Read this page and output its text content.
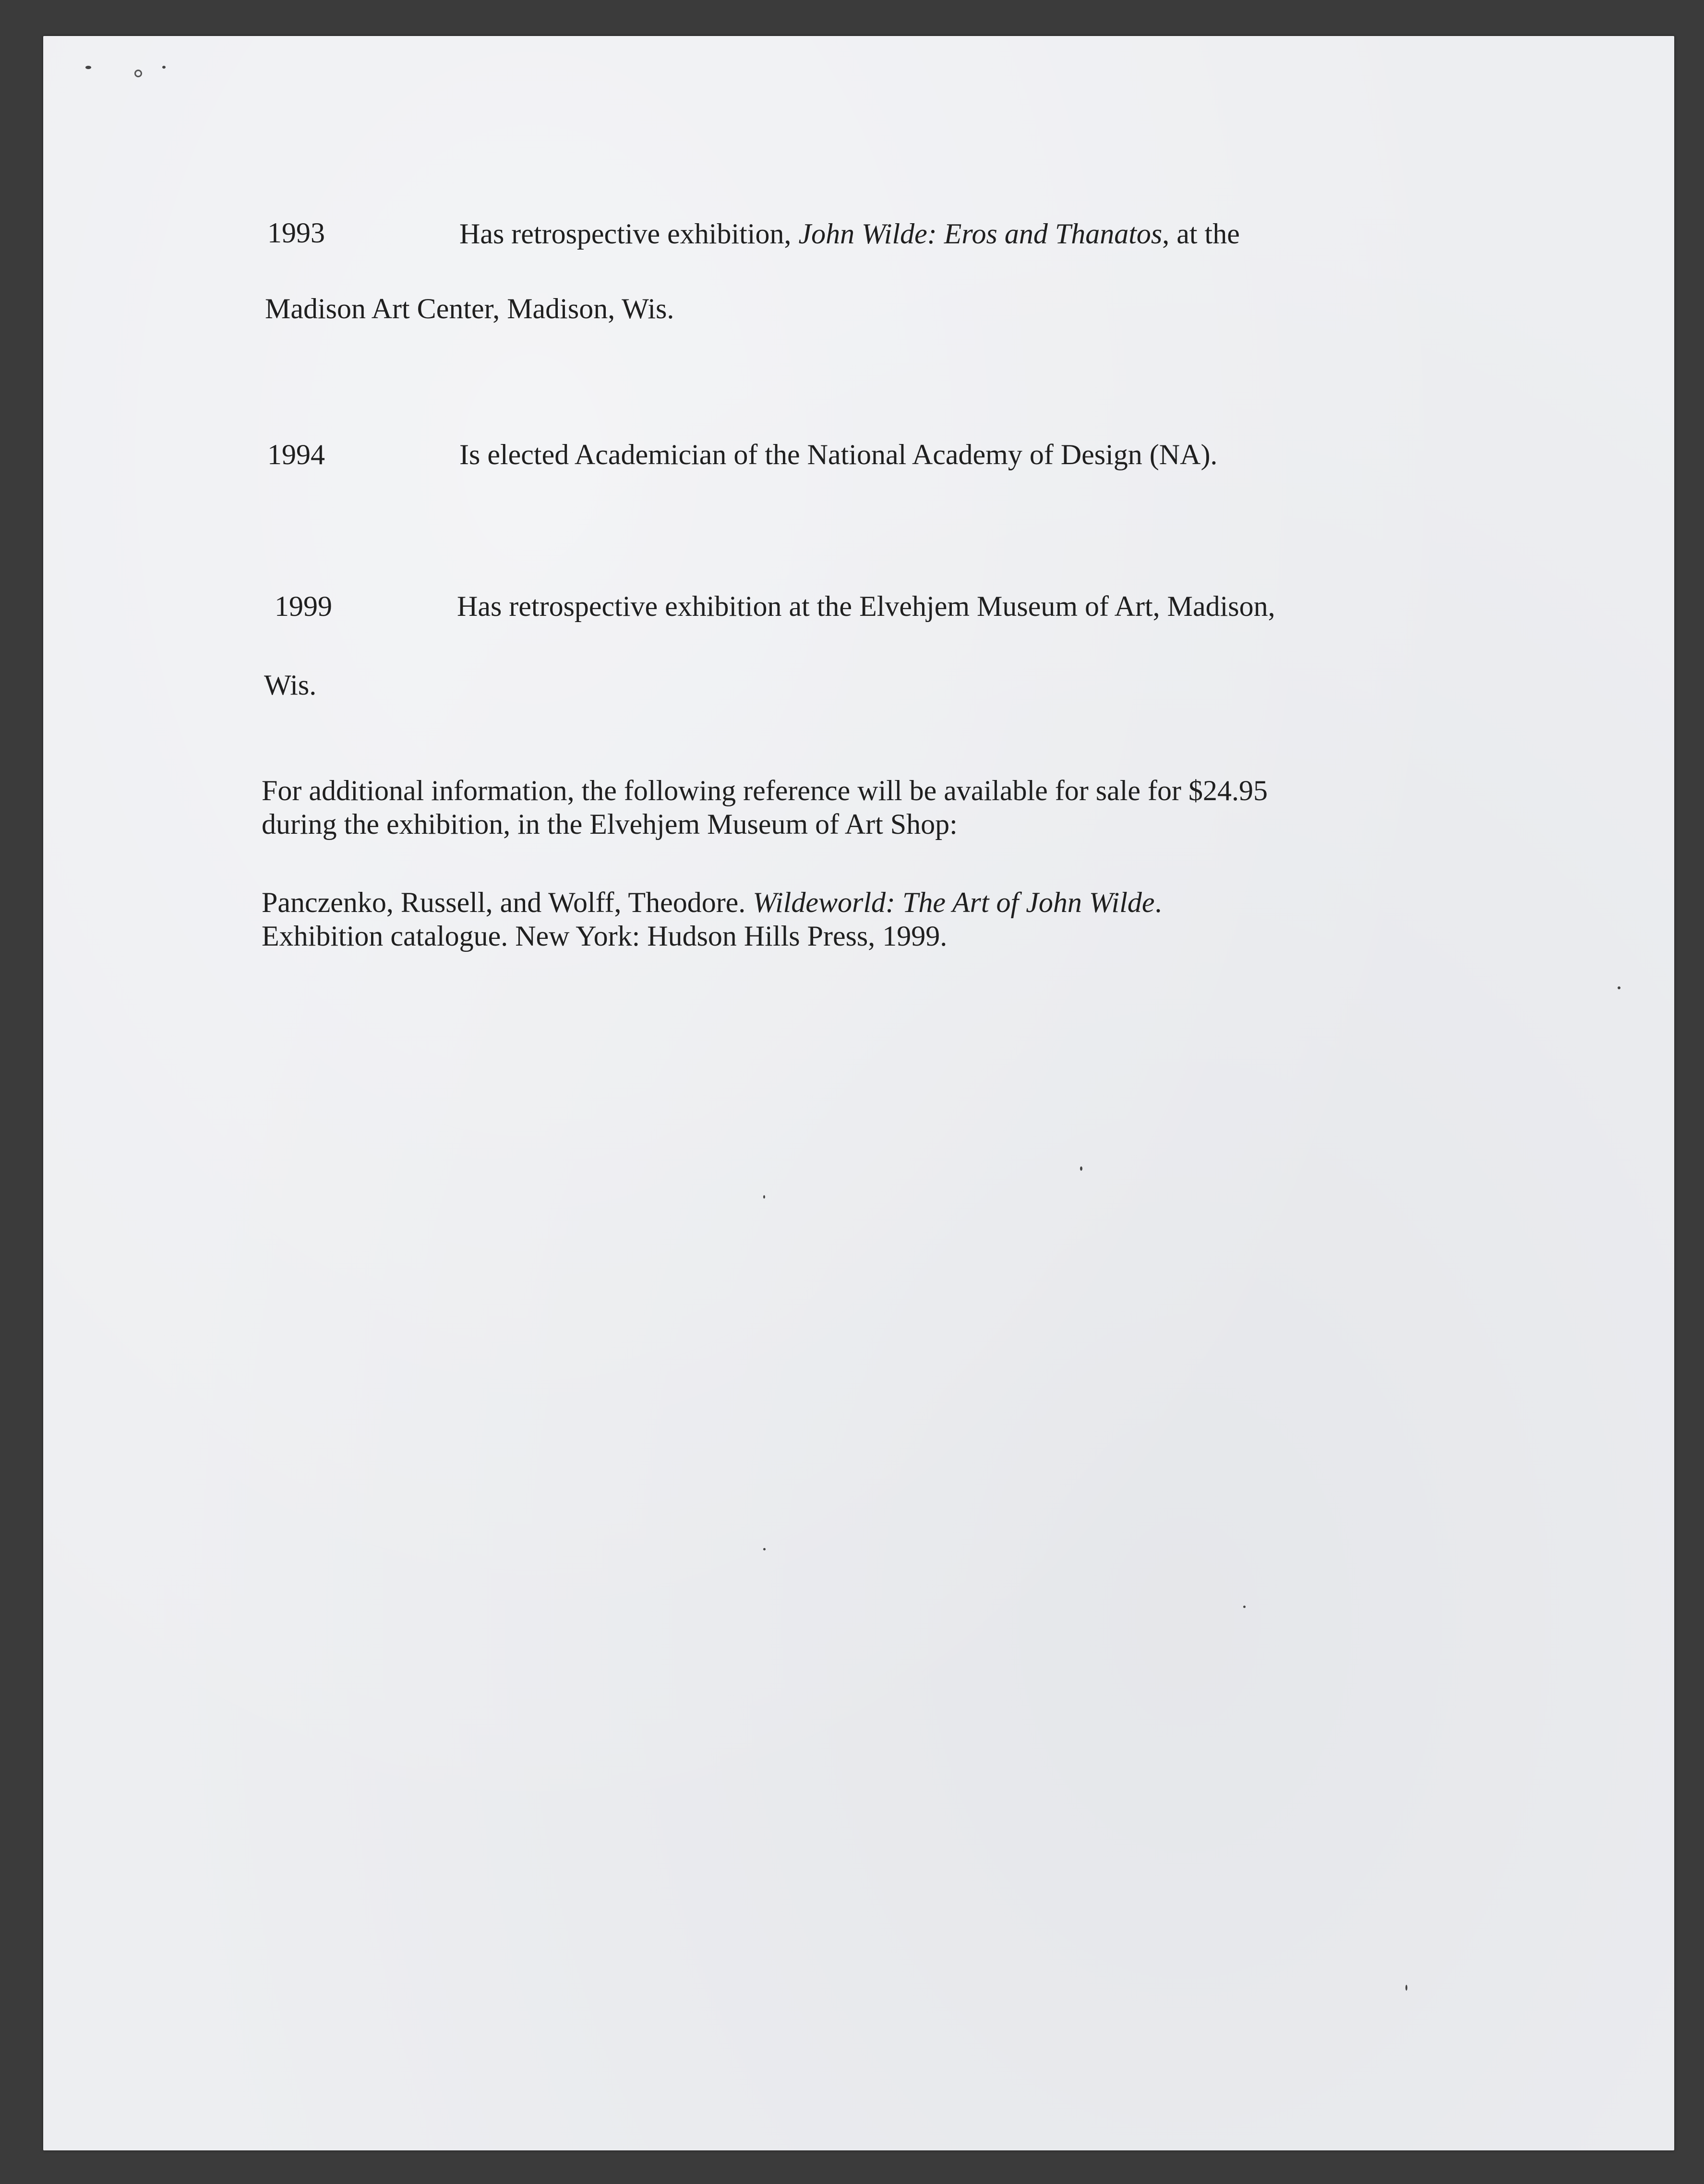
1993	Has retrospective exhibition, John Wilde: Eros and Thanatos, at the
Madison Art Center, Madison, Wis.
1994	Is elected Academician of the National Academy of Design (NA).
1999	Has retrospective exhibition at the Elvehjem Museum of Art, Madison,
Wis.
For additional information, the following reference will be available for sale for $24.95
during the exhibition, in the Elvehjem Museum of Art Shop:
Panczenko, Russell, and Wolff, Theodore. Wildeworld: The Art of John Wilde.
Exhibition catalogue. New York: Hudson Hills Press, 1999.
